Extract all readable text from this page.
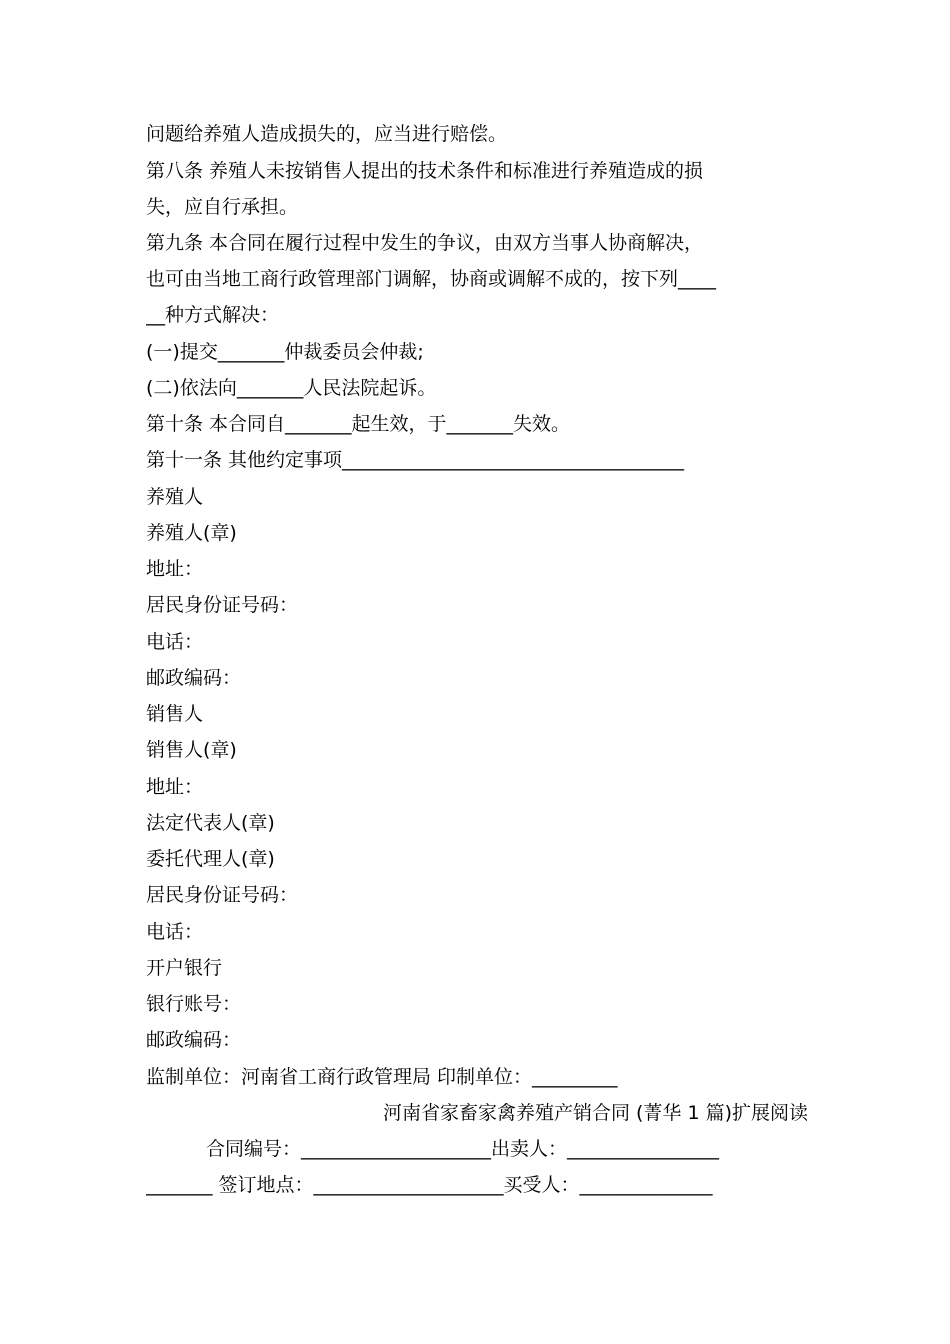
问题给养殖人造成损失的，应当进行赔偿。
第八条 养殖人未按销售人提出的技术条件和标准进行养殖造成的损
失，应自行承担。
第九条 本合同在履行过程中发生的争议，由双方当事人协商解决，
也可由当地工商行政管理部门调解，协商或调解不成的，按下列____
__种方式解决：
(一)提交_______仲裁委员会仲裁;
(二)依法向_______人民法院起诉。
第十条 本合同自_______起生效，于_______失效。
第十一条 其他约定事项____________________________________
养殖人
养殖人(章)
地址：
居民身份证号码：
电话：
邮政编码：
销售人
销售人(章)
地址：
法定代表人(章)
委托代理人(章)
居民身份证号码：
电话：
开户银行
银行账号：
邮政编码：
监制单位：河南省工商行政管理局 印制单位：_________
河南省家畜家禽养殖产销合同 (菁华 1 篇)扩展阅读
合同编号：____________________出卖人：________________
_______ 签订地点：____________________买受人：______________
